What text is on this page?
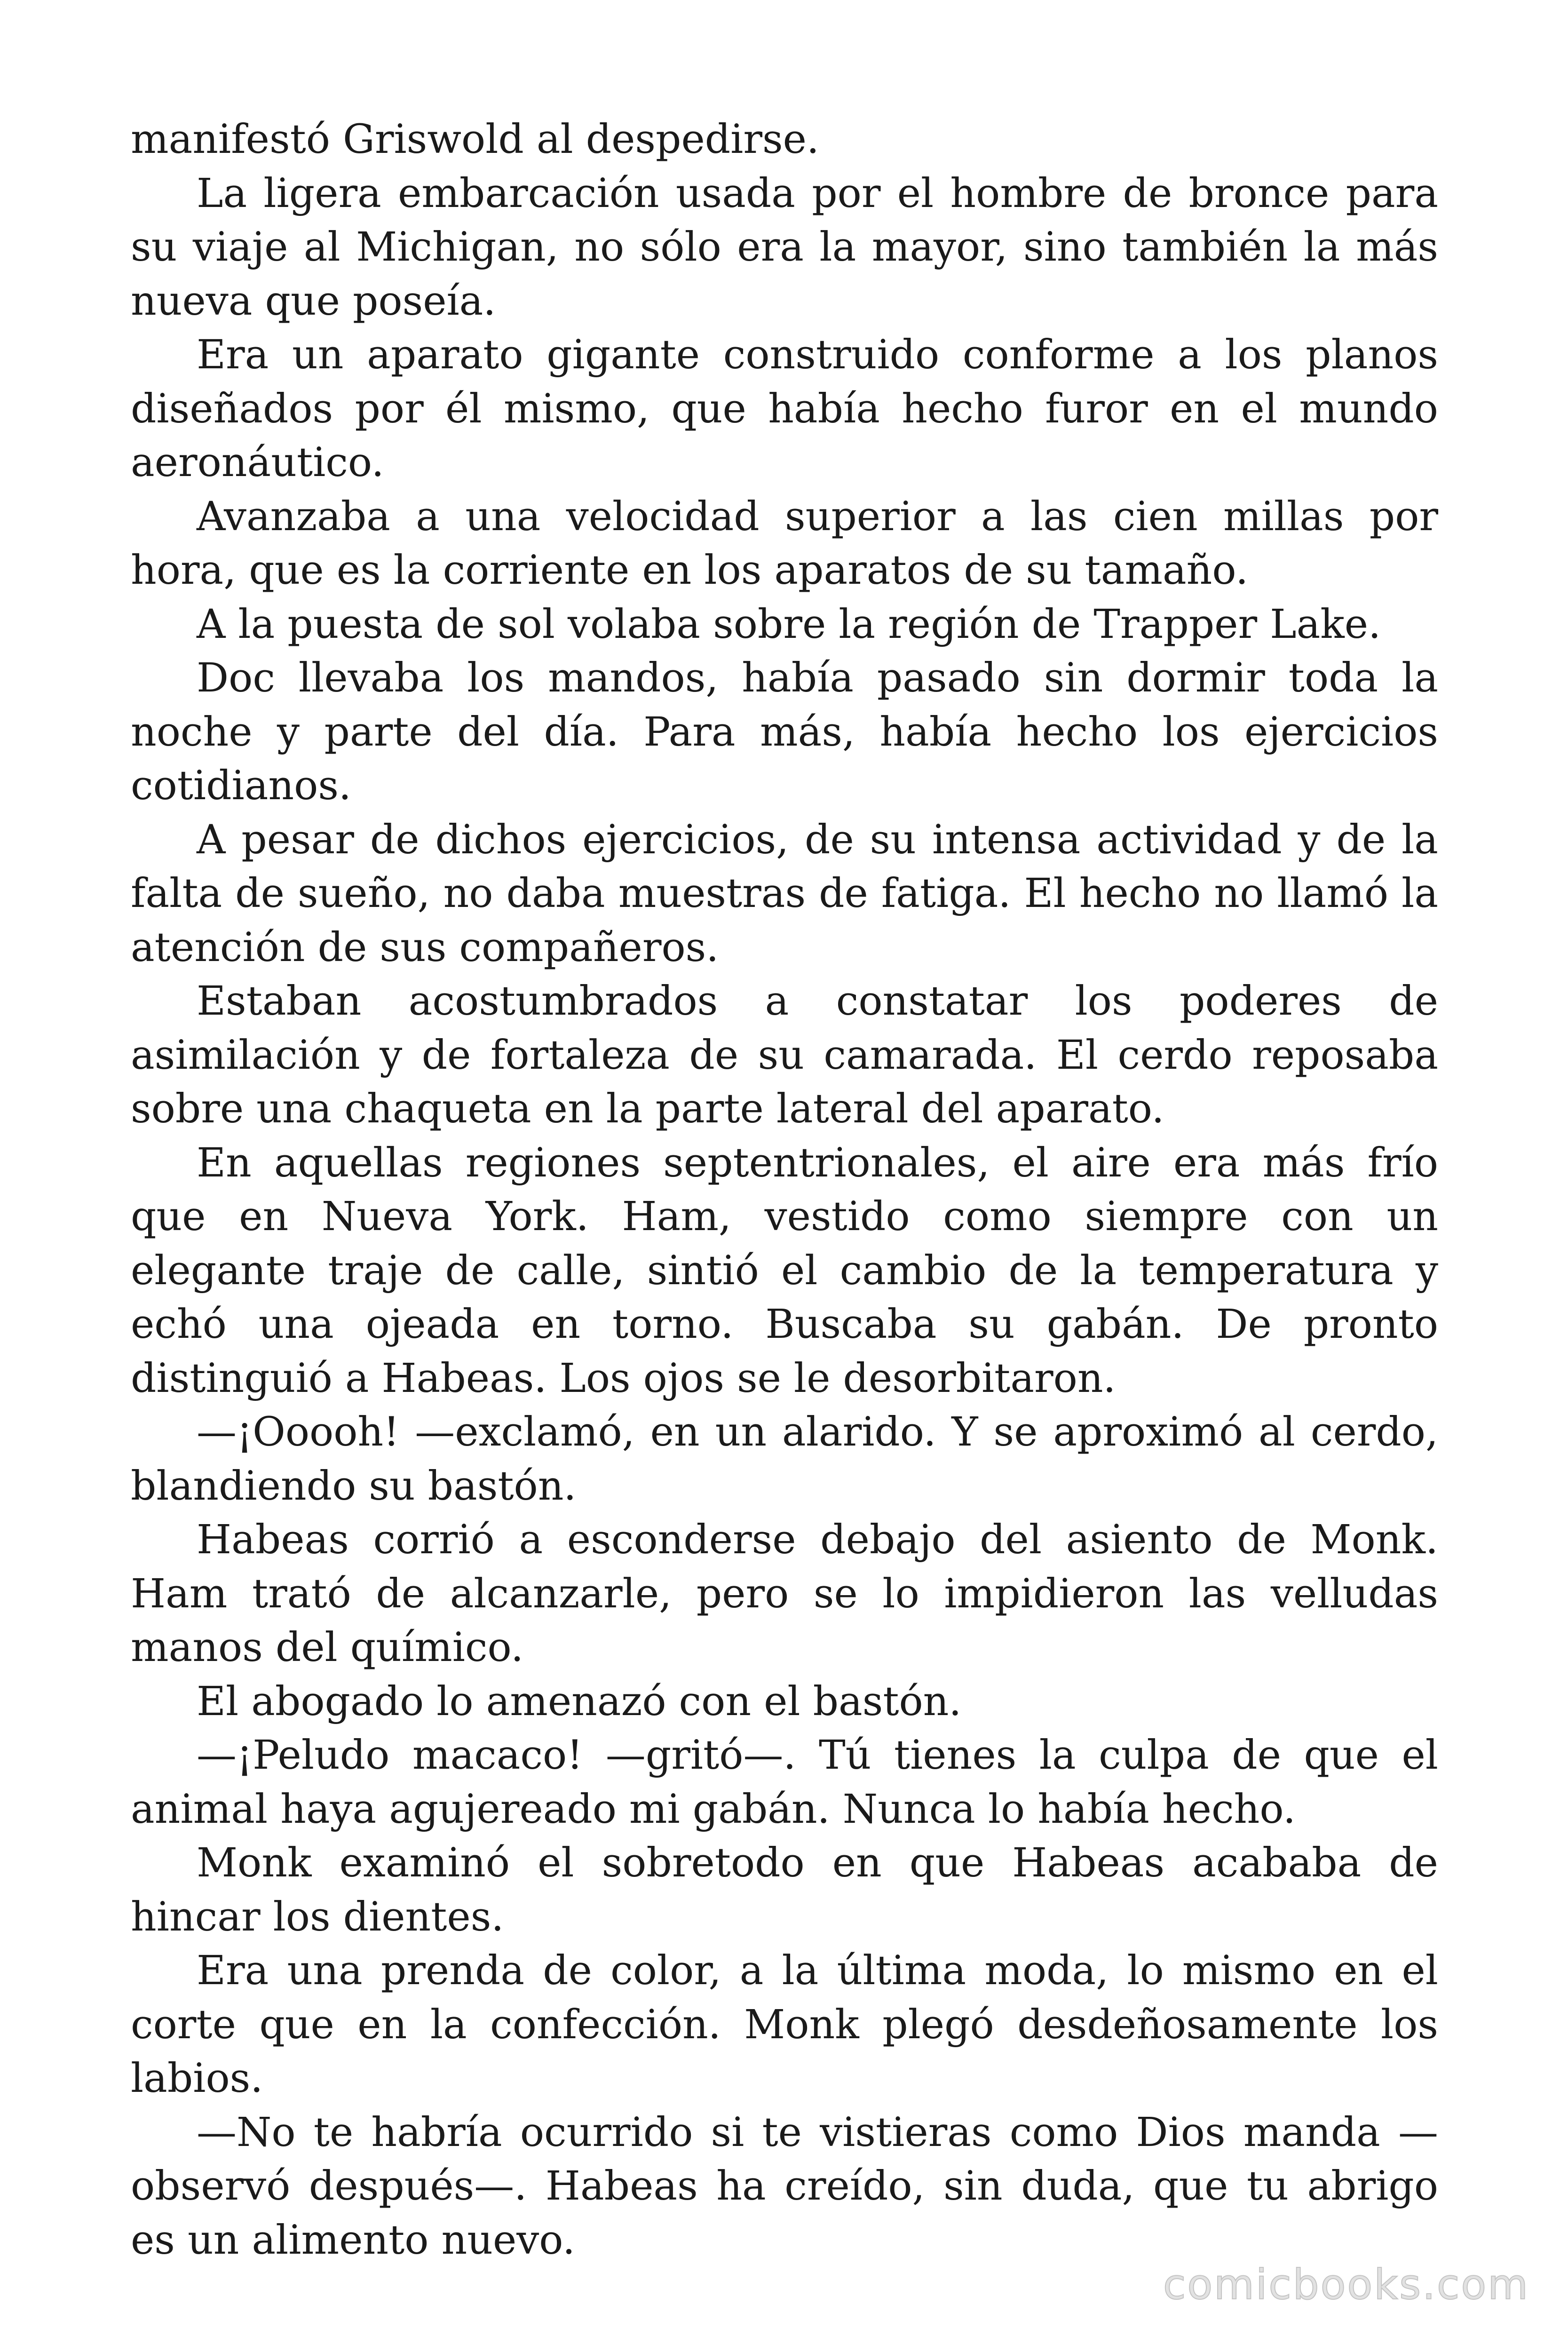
manifestó Griswold al despedirse.

La ligera embarcación usada por el hombre de bronce para su viaje al Michigan, no sólo era la mayor, sino también la más nueva que poseía.

Era un aparato gigante construido conforme a los planos diseñados por él mismo, que había hecho furor en el mundo aeronáutico.

Avanzaba a una velocidad superior a las cien millas por hora, que es la corriente en los aparatos de su tamaño.

A la puesta de sol volaba sobre la región de Trapper Lake.

Doc llevaba los mandos, había pasado sin dormir toda la noche y parte del día. Para más, había hecho los ejercicios cotidianos.

A pesar de dichos ejercicios, de su intensa actividad y de la falta de sueño, no daba muestras de fatiga. El hecho no llamó la atención de sus compañeros.

Estaban acostumbrados a constatar los poderes de asimilación y de fortaleza de su camarada. El cerdo reposaba sobre una chaqueta en la parte lateral del aparato.

En aquellas regiones septentrionales, el aire era más frío que en Nueva York. Ham, vestido como siempre con un elegante traje de calle, sintió el cambio de la temperatura y echó una ojeada en torno. Buscaba su gabán. De pronto distinguió a Habeas. Los ojos se le desorbitaron.

—¡Ooooh! —exclamó, en un alarido. Y se aproximó al cerdo, blandiendo su bastón.

Habeas corrió a esconderse debajo del asiento de Monk. Ham trató de alcanzarle, pero se lo impidieron las velludas manos del químico.

El abogado lo amenazó con el bastón.

—¡Peludo macaco! —gritó—. Tú tienes la culpa de que el animal haya agujereado mi gabán. Nunca lo había hecho.

Monk examinó el sobretodo en que Habeas acababa de hincar los dientes.

Era una prenda de color, a la última moda, lo mismo en el corte que en la confección. Monk plegó desdeñosamente los labios.

—No te habría ocurrido si te vistieras como Dios manda —observó después—. Habeas ha creído, sin duda, que tu abrigo es un alimento nuevo.

comicbooks.com
